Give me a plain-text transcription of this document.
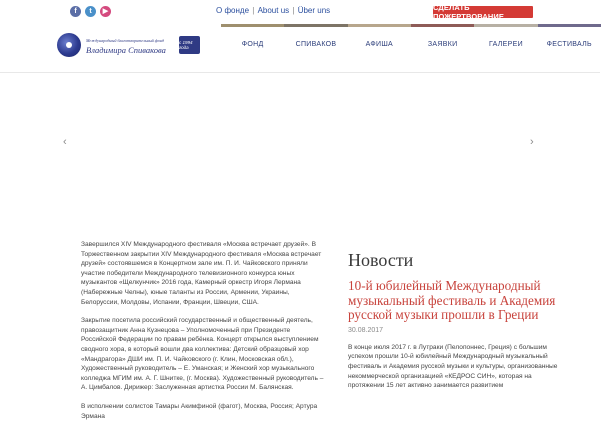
f	t	▶	О фонде | About us | Über uns	СДЕЛАТЬ ПОЖЕРТВОВАНИЕ
Международный благотворительный фонд
Владимира Спивакова
с 1994 года	ФОНД	СПИВАКОВ	АФИША	ЗАЯВКИ	ГАЛЕРЕИ	ФЕСТИВАЛЬ
‹	›

Завершился XIV Международного фестиваля «Москва встречает друзей». В Торжественном закрытии XIV Международного фестиваля «Москва встречает друзей» состоявшемся в Концертном зале им. П. И. Чайковского приняли участие победители Международного телевизионного конкурса юных музыкантов «Щелкунчик» 2016 года, Камерный оркестр Игоря Лермана (Набережные Челны), юные таланты из России, Армении, Украины, Белоруссии, Молдовы, Испании, Франции, Швеции, США.

Закрытие посетила российский государственный и общественный деятель, правозащитник Анна Кузнецова – Уполномоченный при Президенте Российской Федерации по правам ребёнка. Концерт открылся выступлением сводного хора, в который вошли два коллектива: Детский образцовый хор «Мандрагора» ДШИ им. П. И. Чайковского (г. Клин, Московская обл.), Художественный руководитель – Е. Уманская; и Женский хор музыкального колледжа МГИМ им. А. Г. Шнитке, (г. Москва). Художественный руководитель – А. Цимбалов. Дирижер: Заслуженная артистка России М. Балянская.

В исполнении солистов Тамары Акимфиной (фагот), Москва, Россия; Артура Эрмана

Новости
10-й юбилейный Международный музыкальный фестиваль и Академия русской музыки прошли в Греции
30.08.2017
В конце июля 2017 г. в Лутраки (Пелопоннес, Греция) с большим успехом прошли 10-й юбилейный Международный музыкальный фестиваль и Академия русской музыки и культуры, организованные некоммерческой организацией «КЕДРОС СИН», которая на протяжении 15 лет активно занимается развитием
